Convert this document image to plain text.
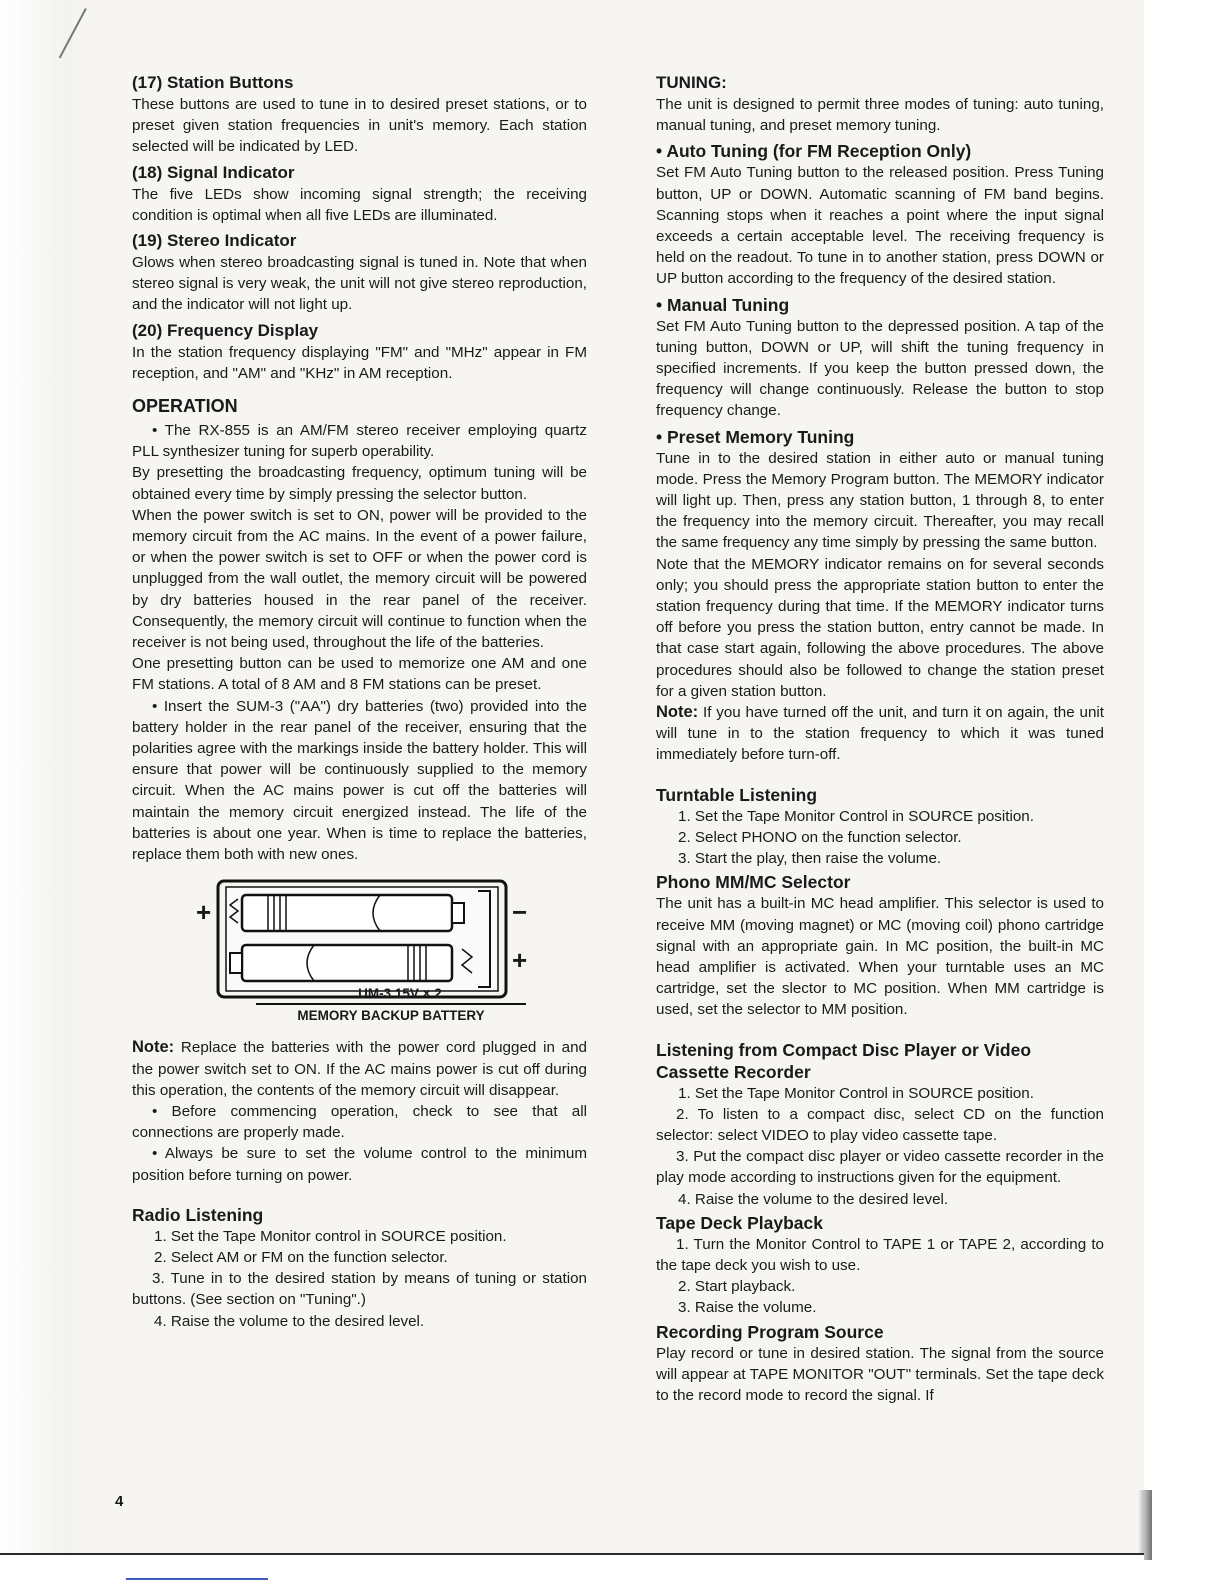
(17) Station Buttons

These buttons are used to tune in to desired preset stations, or to preset given station frequencies in unit's memory. Each station selected will be indicated by LED.

(18) Signal Indicator

The five LEDs show incoming signal strength; the receiving condition is optimal when all five LEDs are illuminated.

(19) Stereo Indicator

Glows when stereo broadcasting signal is tuned in. Note that when stereo signal is very weak, the unit will not give stereo reproduction, and the indicator will not light up.

(20) Frequency Display

In the station frequency displaying "FM" and "MHz" appear in FM reception, and "AM" and "KHz" in AM reception.

OPERATION

• The RX-855 is an AM/FM stereo receiver employing quartz PLL synthesizer tuning for superb operability.

By presetting the broadcasting frequency, optimum tuning will be obtained every time by simply pressing the selector button.

When the power switch is set to ON, power will be provided to the memory circuit from the AC mains. In the event of a power failure, or when the power switch is set to OFF or when the power cord is unplugged from the wall outlet, the memory circuit will be powered by dry batteries housed in the rear panel of the receiver. Consequently, the memory circuit will continue to function when the receiver is not being used, throughout the life of the batteries.

One presetting button can be used to memorize one AM and one FM stations. A total of 8 AM and 8 FM stations can be preset.

• Insert the SUM-3 ("AA") dry batteries (two) provided into the battery holder in the rear panel of the receiver, ensuring that the polarities agree with the markings inside the battery holder. This will ensure that power will be continuously supplied to the memory circuit. When the AC mains power is cut off the batteries will maintain the memory circuit energized instead. The life of the batteries is about one year. When is time to replace the batteries, replace them both with new ones.

+	−
+
UM-3 15V × 2
MEMORY BACKUP BATTERY

Note: Replace the batteries with the power cord plugged in and the power switch set to ON. If the AC mains power is cut off during this operation, the contents of the memory circuit will disappear.

• Before commencing operation, check to see that all connections are properly made.

• Always be sure to set the volume control to the minimum position before turning on power.

Radio Listening

1. Set the Tape Monitor control in SOURCE position.

2. Select AM or FM on the function selector.

3. Tune in to the desired station by means of tuning or station buttons. (See section on "Tuning".)

4. Raise the volume to the desired level.

TUNING:

The unit is designed to permit three modes of tuning: auto tuning, manual tuning, and preset memory tuning.

• Auto Tuning (for FM Reception Only)

Set FM Auto Tuning button to the released position. Press Tuning button, UP or DOWN. Automatic scanning of FM band begins. Scanning stops when it reaches a point where the input signal exceeds a certain acceptable level. The receiving frequency is held on the readout. To tune in to another station, press DOWN or UP button according to the frequency of the desired station.

• Manual Tuning

Set FM Auto Tuning button to the depressed position. A tap of the tuning button, DOWN or UP, will shift the tuning frequency in specified increments. If you keep the button pressed down, the frequency will change continuously. Release the button to stop frequency change.

• Preset Memory Tuning

Tune in to the desired station in either auto or manual tuning mode. Press the Memory Program button. The MEMORY indicator will light up. Then, press any station button, 1 through 8, to enter the frequency into the memory circuit. Thereafter, you may recall the same frequency any time simply by pressing the same button.

Note that the MEMORY indicator remains on for several seconds only; you should press the appropriate station button to enter the station frequency during that time. If the MEMORY indicator turns off before you press the station button, entry cannot be made. In that case start again, following the above procedures. The above procedures should also be followed to change the station preset for a given station button.

Note: If you have turned off the unit, and turn it on again, the unit will tune in to the station frequency to which it was tuned immediately before turn-off.

Turntable Listening

1. Set the Tape Monitor Control in SOURCE position.

2. Select PHONO on the function selector.

3. Start the play, then raise the volume.

Phono MM/MC Selector

The unit has a built-in MC head amplifier. This selector is used to receive MM (moving magnet) or MC (moving coil) phono cartridge signal with an appropriate gain. In MC position, the built-in MC head amplifier is activated. When your turntable uses an MC cartridge, set the slector to MC position. When MM cartridge is used, set the selector to MM position.

Listening from Compact Disc Player or Video Cassette Recorder

1. Set the Tape Monitor Control in SOURCE position.

2. To listen to a compact disc, select CD on the function selector: select VIDEO to play video cassette tape.

3. Put the compact disc player or video cassette recorder in the play mode according to instructions given for the equipment.

4. Raise the volume to the desired level.

Tape Deck Playback

1. Turn the Monitor Control to TAPE 1 or TAPE 2, according to the tape deck you wish to use.

2. Start playback.

3. Raise the volume.

Recording Program Source

Play record or tune in desired station. The signal from the source will appear at TAPE MONITOR "OUT" terminals. Set the tape deck to the record mode to record the signal. If

4
